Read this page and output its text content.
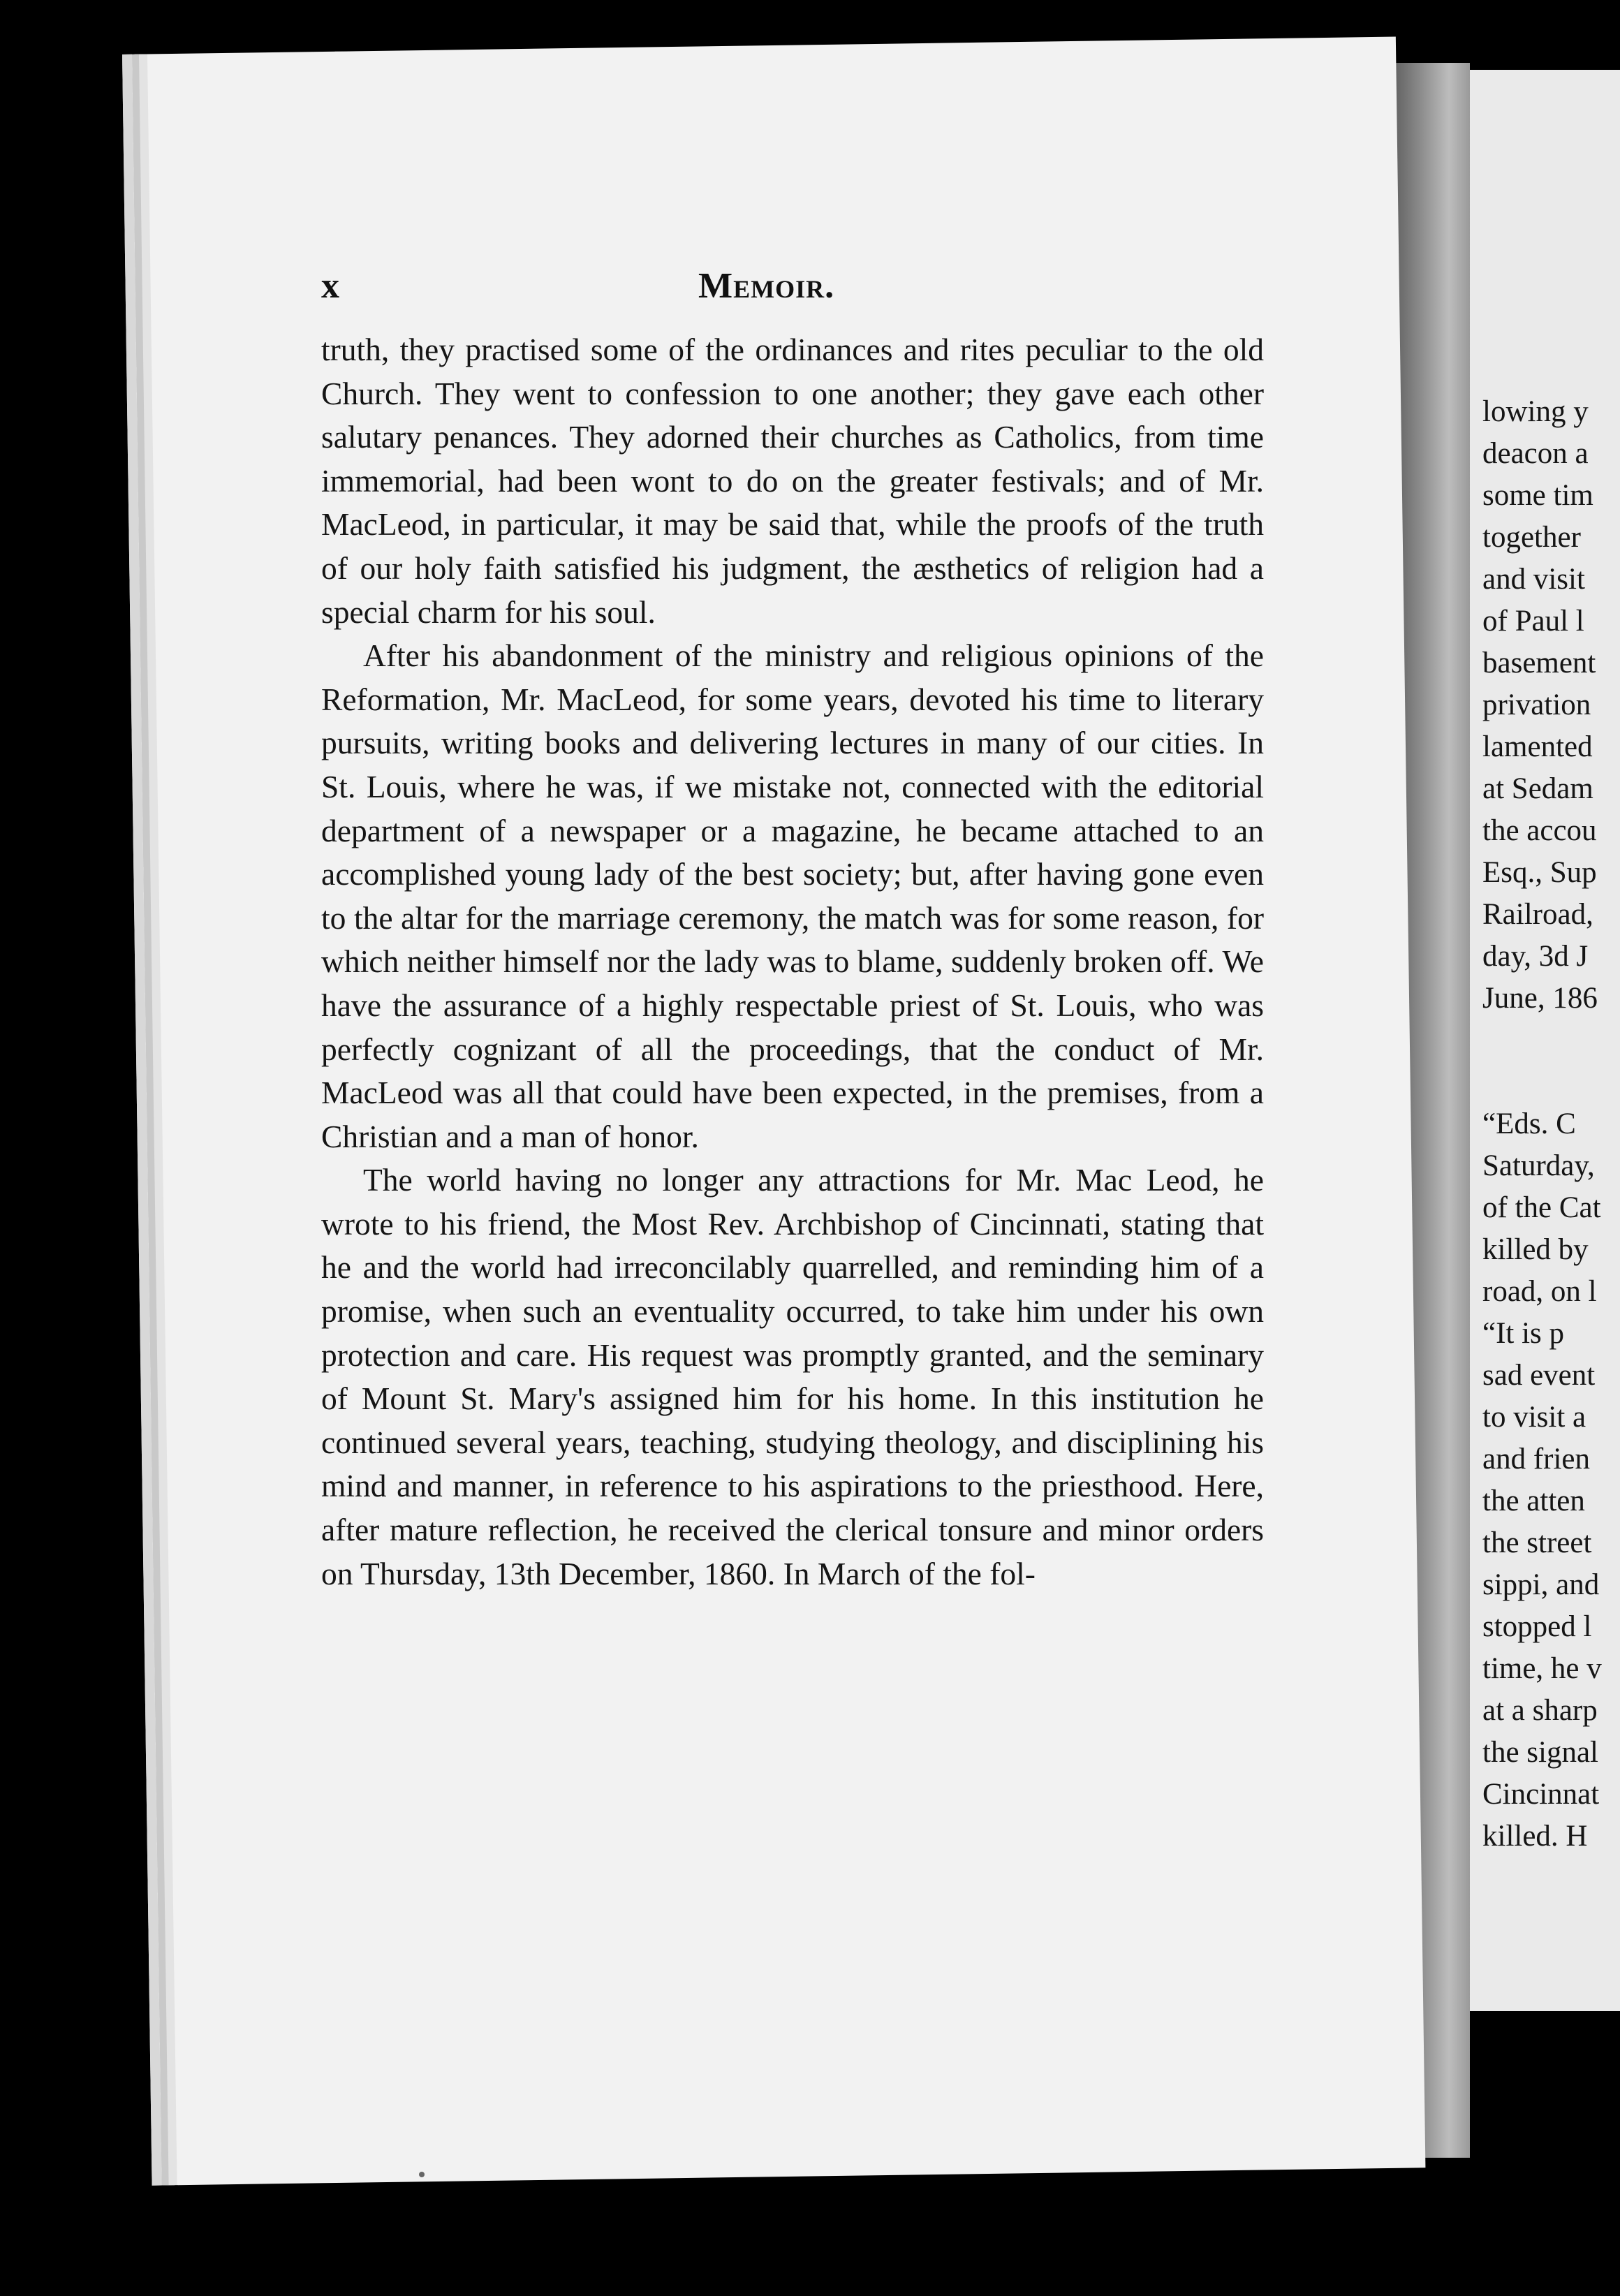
lowing y
deacon a
some tim
together
and visit
of Paul l
basement
privation
lamented
at Sedam
the accou
Esq., Sup
Railroad,
day, 3d J
June, 186
“Eds. C
Saturday,
of the Cat
killed by
road, on l
“It is p
sad event
to visit a
and frien
the atten
the street
sippi, and
stopped l
time, he v
at a sharp
the signal
Cincinnat
killed. H
x	Memoir.

truth, they practised some of the ordinances and rites peculiar to the old Church. They went to confession to one another; they gave each other salutary penances. They adorned their churches as Catholics, from time immemorial, had been wont to do on the greater festivals; and of Mr. MacLeod, in particular, it may be said that, while the proofs of the truth of our holy faith satisfied his judgment, the æsthetics of religion had a special charm for his soul.

After his abandonment of the ministry and religious opinions of the Reformation, Mr. MacLeod, for some years, devoted his time to literary pursuits, writing books and delivering lectures in many of our cities. In St. Louis, where he was, if we mistake not, connected with the editorial department of a newspaper or a magazine, he became attached to an accomplished young lady of the best society; but, after having gone even to the altar for the marriage ceremony, the match was for some reason, for which neither himself nor the lady was to blame, suddenly broken off. We have the assurance of a highly respectable priest of St. Louis, who was perfectly cognizant of all the proceedings, that the conduct of Mr. MacLeod was all that could have been expected, in the premises, from a Christian and a man of honor.

The world having no longer any attractions for Mr. Mac Leod, he wrote to his friend, the Most Rev. Archbishop of Cincinnati, stating that he and the world had irreconcilably quarrelled, and reminding him of a promise, when such an eventuality occurred, to take him under his own protection and care. His request was promptly granted, and the seminary of Mount St. Mary's assigned him for his home. In this institution he continued several years, teaching, studying theology, and disciplining his mind and manner, in reference to his aspirations to the priesthood. Here, after mature reflection, he received the clerical tonsure and minor orders on Thursday, 13th December, 1860. In March of the fol-
